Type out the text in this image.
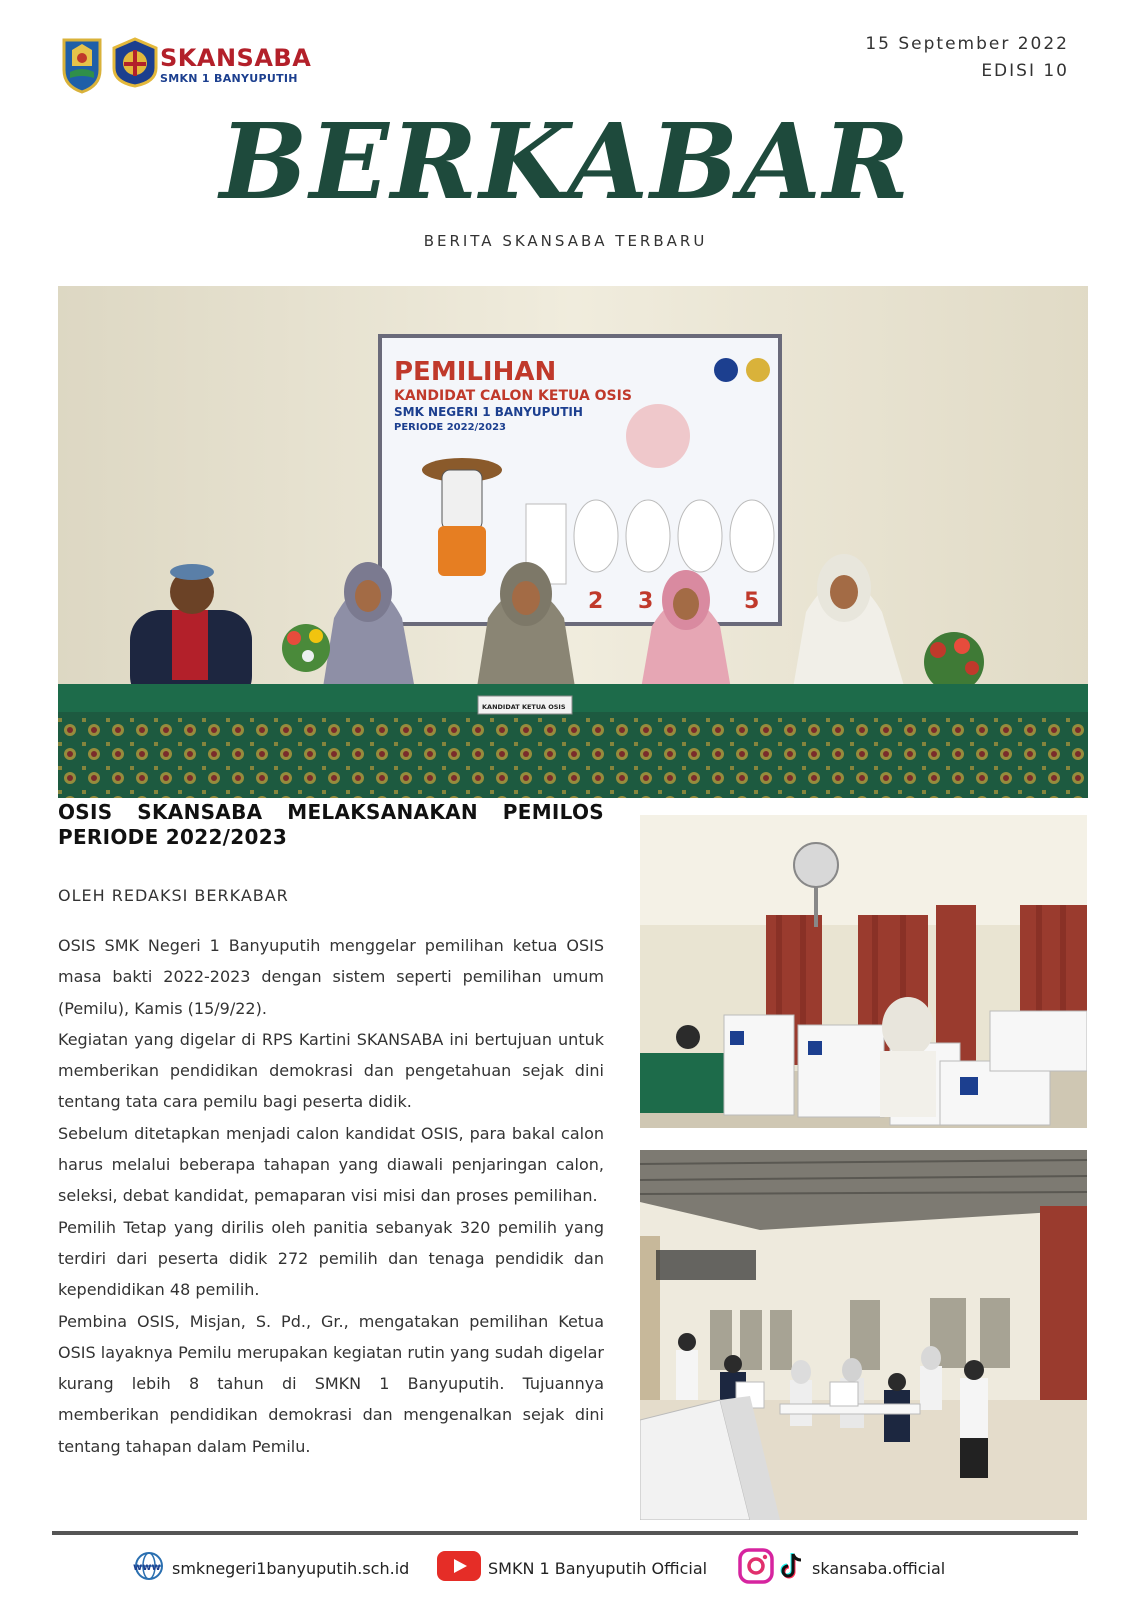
SKANSABA
SMKN 1 BANYUPUTIH
15 September 2022
EDISI 10
BERKABAR
BERITA SKANSABA TERBARU
PEMILIHAN
KANDIDAT CALON KETUA OSIS
SMK NEGERI 1 BANYUPUTIH
PERIODE 2022/2023
2 3	5
KANDIDAT KETUA OSIS
OSIS SKANSABA MELAKSANAKAN PEMILOS PERIODE 2022/2023
OLEH REDAKSI BERKABAR

OSIS SMK Negeri 1 Banyuputih menggelar pemilihan ketua OSIS masa bakti 2022-2023 dengan sistem seperti pemilihan umum (Pemilu), Kamis (15/9/22).

Kegiatan yang digelar di RPS Kartini SKANSABA ini bertujuan untuk memberikan pendidikan demokrasi dan pengetahuan sejak dini tentang tata cara pemilu bagi peserta didik.

Sebelum ditetapkan menjadi calon kandidat OSIS, para bakal calon harus melalui beberapa tahapan yang diawali penjaringan calon, seleksi, debat kandidat, pemaparan visi misi dan proses pemilihan.

Pemilih Tetap yang dirilis oleh panitia sebanyak 320 pemilih yang terdiri dari peserta didik 272 pemilih dan tenaga pendidik dan kependidikan 48 pemilih.

Pembina OSIS, Misjan, S. Pd., Gr., mengatakan pemilihan Ketua OSIS layaknya Pemilu merupakan kegiatan rutin yang sudah digelar kurang lebih 8 tahun di SMKN 1 Banyuputih. Tujuannya memberikan pendidikan demokrasi dan mengenalkan sejak dini tentang tahapan dalam Pemilu.

www smknegeri1banyuputih.sch.id	SMKN 1 Banyuputih Official	skansaba.official
